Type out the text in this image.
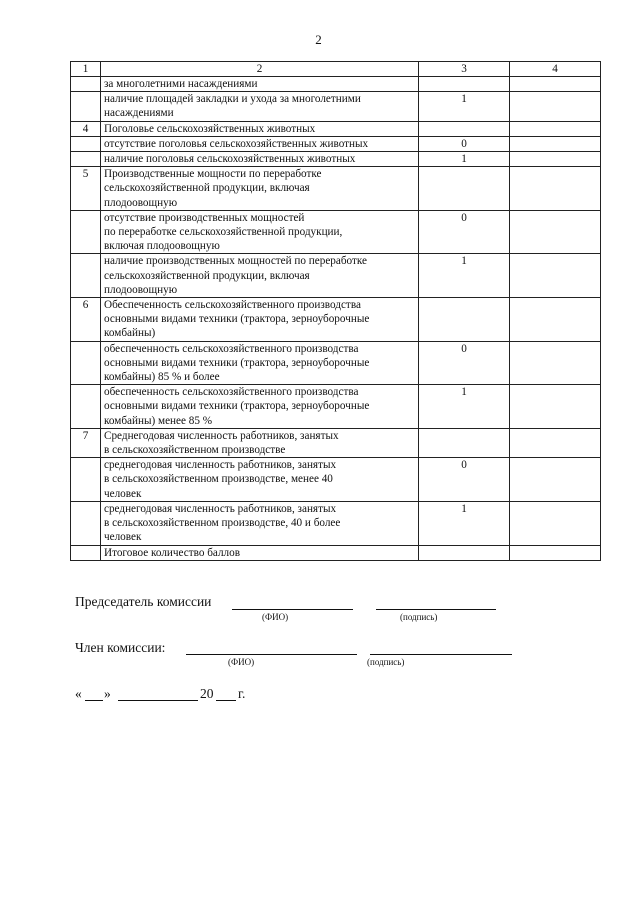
2
1	2	3	4
	за многолетними насаждениями		
	наличие площадей закладки и ухода за многолетними
насаждениями	1	
4	Поголовье сельскохозяйственных животных		
	отсутствие поголовья сельскохозяйственных животных	0	
	наличие поголовья сельскохозяйственных животных	1	
5	Производственные мощности по переработке
сельскохозяйственной продукции, включая
плодоовощную		
	отсутствие производственных мощностей
по переработке сельскохозяйственной продукции,
включая плодоовощную	0	
	наличие производственных мощностей по переработке
сельскохозяйственной продукции, включая
плодоовощную	1	
6	Обеспеченность сельскохозяйственного производства
основными видами техники (трактора, зерноуборочные
комбайны)		
	обеспеченность сельскохозяйственного производства
основными видами техники (трактора, зерноуборочные
комбайны) 85 % и более	0	
	обеспеченность сельскохозяйственного производства
основными видами техники (трактора, зерноуборочные
комбайны) менее 85 %	1	
7	Среднегодовая численность работников, занятых
в сельскохозяйственном производстве		
	среднегодовая численность работников, занятых
в сельскохозяйственном производстве, менее 40
человек	0	
	среднегодовая численность работников, занятых
в сельскохозяйственном производстве, 40 и более
человек	1	
	Итоговое количество баллов		
Председатель комиссии
(ФИО)	(подпись)
Член комиссии:
(ФИО)	(подпись)
« »	20 г.
